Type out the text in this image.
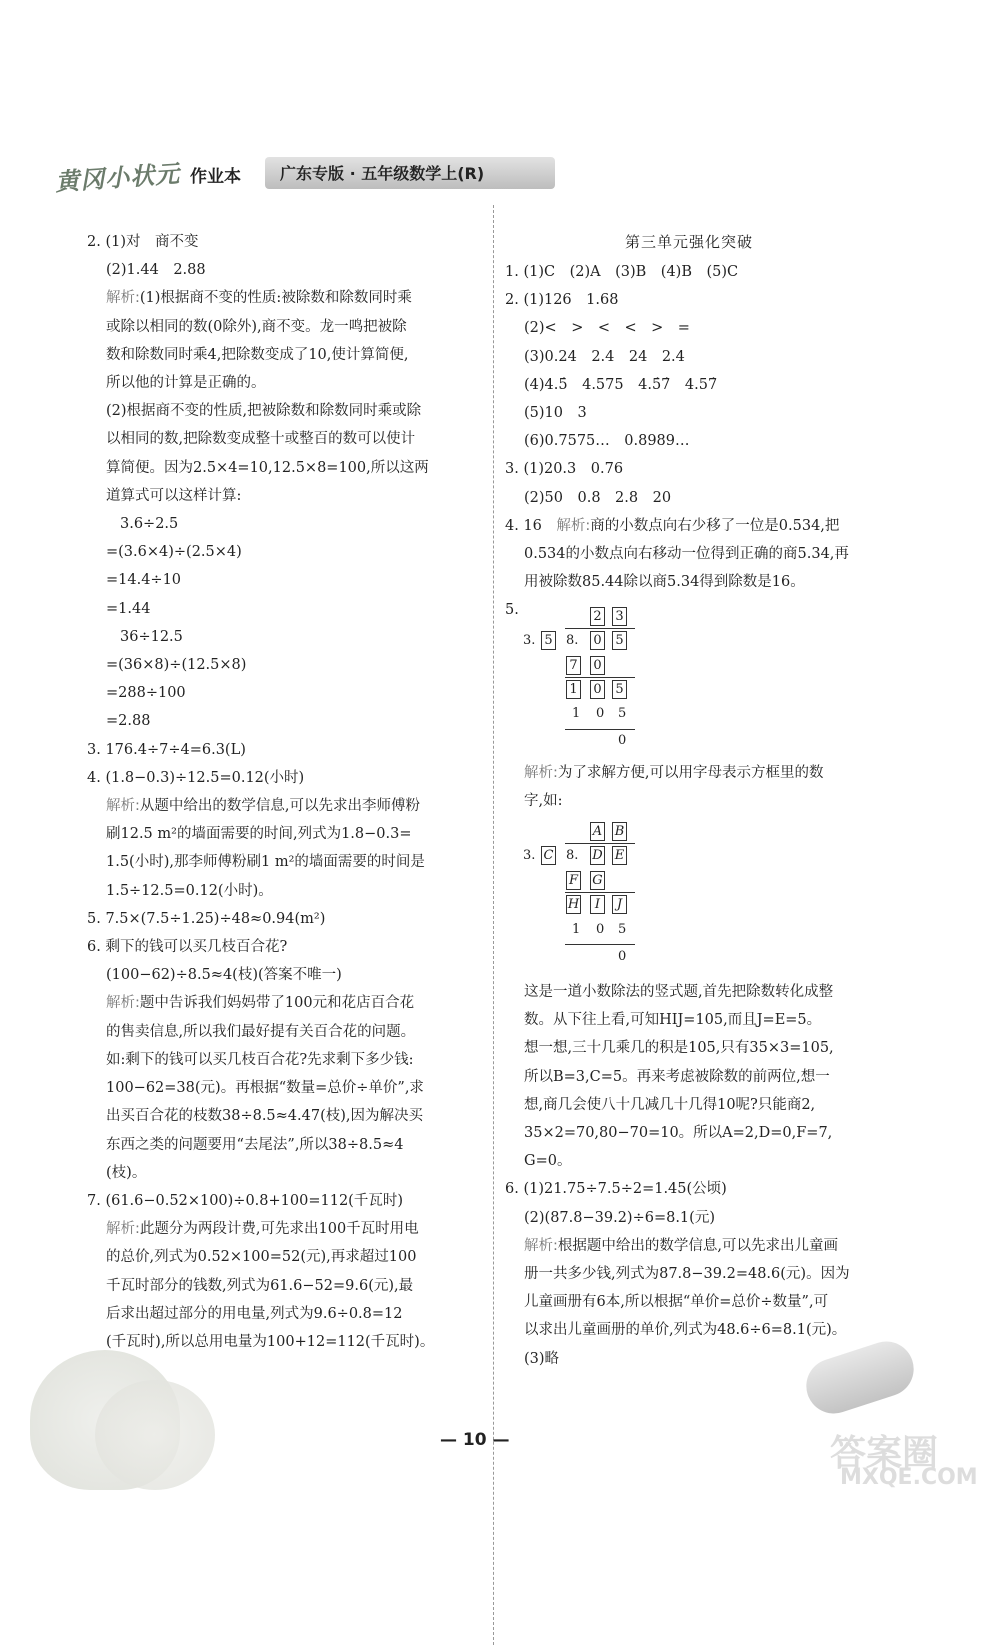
黄冈小状元 作业本 广东专版 · 五年级数学上(R)
2. (1)对　商不变
(2)1.44　2.88
解析:(1)根据商不变的性质:被除数和除数同时乘
或除以相同的数(0除外),商不变。龙一鸣把被除
数和除数同时乘4,把除数变成了10,使计算简便,
所以他的计算是正确的。
(2)根据商不变的性质,把被除数和除数同时乘或除
以相同的数,把除数变成整十或整百的数可以使计
算简便。因为2.5×4=10,12.5×8=100,所以这两
道算式可以这样计算:
3.6÷2.5
=(3.6×4)÷(2.5×4)
=14.4÷10
=1.44
36÷12.5
=(36×8)÷(12.5×8)
=288÷100
=2.88
3. 176.4÷7÷4=6.3(L)
4. (1.8−0.3)÷12.5=0.12(小时)
解析:从题中给出的数学信息,可以先求出李师傅粉
刷12.5 m²的墙面需要的时间,列式为1.8−0.3=
1.5(小时),那李师傅粉刷1 m²的墙面需要的时间是
1.5÷12.5=0.12(小时)。
5. 7.5×(7.5÷1.25)÷48≈0.94(m²)
6. 剩下的钱可以买几枝百合花?
(100−62)÷8.5≈4(枝)(答案不唯一)
解析:题中告诉我们妈妈带了100元和花店百合花
的售卖信息,所以我们最好提有关百合花的问题。
如:剩下的钱可以买几枝百合花?先求剩下多少钱:
100−62=38(元)。再根据“数量=总价÷单价”,求
出买百合花的枝数38÷8.5≈4.47(枝),因为解决买
东西之类的问题要用“去尾法”,所以38÷8.5≈4
(枝)。
7. (61.6−0.52×100)÷0.8+100=112(千瓦时)
解析:此题分为两段计费,可先求出100千瓦时用电
的总价,列式为0.52×100=52(元),再求超过100
千瓦时部分的钱数,列式为61.6−52=9.6(元),最
后求出超过部分的用电量,列式为9.6÷0.8=12
(千瓦时),所以总用电量为100+12=112(千瓦时)。
第三单元强化突破
1. (1)C　(2)A　(3)B　(4)B　(5)C
2. (1)126　1.68
(2)<　>　<　<　>　=
(3)0.24　2.4　24　2.4
(4)4.5̇　4.575　4.5̇7̇　4.57̇
(5)10　3
(6)0.7575…　0.8989…
3. (1)20.3　0.76
(2)50　0.8　2.8　20
4. 16　解析:商的小数点向右少移了一位是0.534,把
0.534的小数点向右移动一位得到正确的商5.34,再
用被除数85.44除以商5.34得到除数是16。
5.	2 3
3. 5 8. 0 5
7 0
1 0 5
1 0 5
0
解析:为了求解方便,可以用字母表示方框里的数
字,如:
A B
3. C 8. D E
F G
H	I	J
1 0 5
0
这是一道小数除法的竖式题,首先把除数转化成整
数。从下往上看,可知HIJ=105,而且J=E=5。
想一想,三十几乘几的积是105,只有35×3=105,
所以B=3,C=5。再来考虑被除数的前两位,想一
想,商几会使八十几减几十几得10呢?只能商2,
35×2=70,80−70=10。所以A=2,D=0,F=7,
G=0。
6. (1)21.75÷7.5÷2=1.45(公顷)
(2)(87.8−39.2)÷6=8.1(元)
解析:根据题中给出的数学信息,可以先求出儿童画
册一共多少钱,列式为87.8−39.2=48.6(元)。因为
儿童画册有6本,所以根据“单价=总价÷数量”,可
以求出儿童画册的单价,列式为48.6÷6=8.1(元)。
(3)略
— 10 —	答案圈
MXQE.COM
